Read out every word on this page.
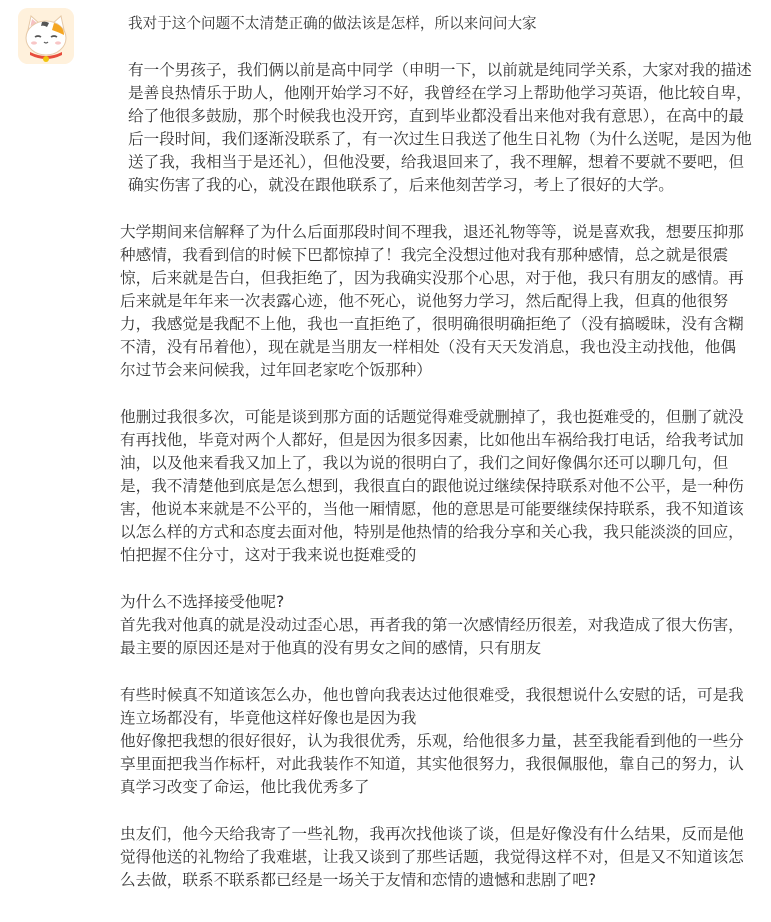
我对于这个问题不太清楚正确的做法该是怎样，所以来问问大家

有一个男孩子，我们俩以前是高中同学（申明一下，以前就是纯同学关系，大家对我的描述
是善良热情乐于助人，他刚开始学习不好，我曾经在学习上帮助他学习英语，他比较自卑，
给了他很多鼓励，那个时候我也没开窍，直到毕业都没看出来他对我有意思），在高中的最
后一段时间，我们逐渐没联系了，有一次过生日我送了他生日礼物（为什么送呢，是因为他
送了我，我相当于是还礼），但他没要，给我退回来了，我不理解，想着不要就不要吧，但
确实伤害了我的心，就没在跟他联系了，后来他刻苦学习，考上了很好的大学。

大学期间来信解释了为什么后面那段时间不理我，退还礼物等等，说是喜欢我，想要压抑那
种感情，我看到信的时候下巴都惊掉了！我完全没想过他对我有那种感情，总之就是很震
惊，后来就是告白，但我拒绝了，因为我确实没那个心思，对于他，我只有朋友的感情。再
后来就是年年来一次表露心迹，他不死心，说他努力学习，然后配得上我，但真的他很努
力，我感觉是我配不上他，我也一直拒绝了，很明确很明确拒绝了（没有搞暧昧，没有含糊
不清，没有吊着他），现在就是当朋友一样相处（没有天天发消息，我也没主动找他，他偶
尔过节会来问候我，过年回老家吃个饭那种）

他删过我很多次，可能是谈到那方面的话题觉得难受就删掉了，我也挺难受的，但删了就没
有再找他，毕竟对两个人都好，但是因为很多因素，比如他出车祸给我打电话，给我考试加
油，以及他来看我又加上了，我以为说的很明白了，我们之间好像偶尔还可以聊几句，但
是，我不清楚他到底是怎么想到，我很直白的跟他说过继续保持联系对他不公平，是一种伤
害，他说本来就是不公平的，当他一厢情愿，他的意思是可能要继续保持联系，我不知道该
以怎么样的方式和态度去面对他，特别是他热情的给我分享和关心我，我只能淡淡的回应，
怕把握不住分寸，这对于我来说也挺难受的

为什么不选择接受他呢?
首先我对他真的就是没动过歪心思，再者我的第一次感情经历很差，对我造成了很大伤害，
最主要的原因还是对于他真的没有男女之间的感情，只有朋友

有些时候真不知道该怎么办，他也曾向我表达过他很难受，我很想说什么安慰的话，可是我
连立场都没有，毕竟他这样好像也是因为我
他好像把我想的很好很好，认为我很优秀，乐观，给他很多力量，甚至我能看到他的一些分
享里面把我当作标杆，对此我装作不知道，其实他很努力，我很佩服他，靠自己的努力，认
真学习改变了命运，他比我优秀多了

虫友们，他今天给我寄了一些礼物，我再次找他谈了谈，但是好像没有什么结果，反而是他
觉得他送的礼物给了我难堪，让我又谈到了那些话题，我觉得这样不对，但是又不知道该怎
么去做，联系不联系都已经是一场关于友情和恋情的遗憾和悲剧了吧?
